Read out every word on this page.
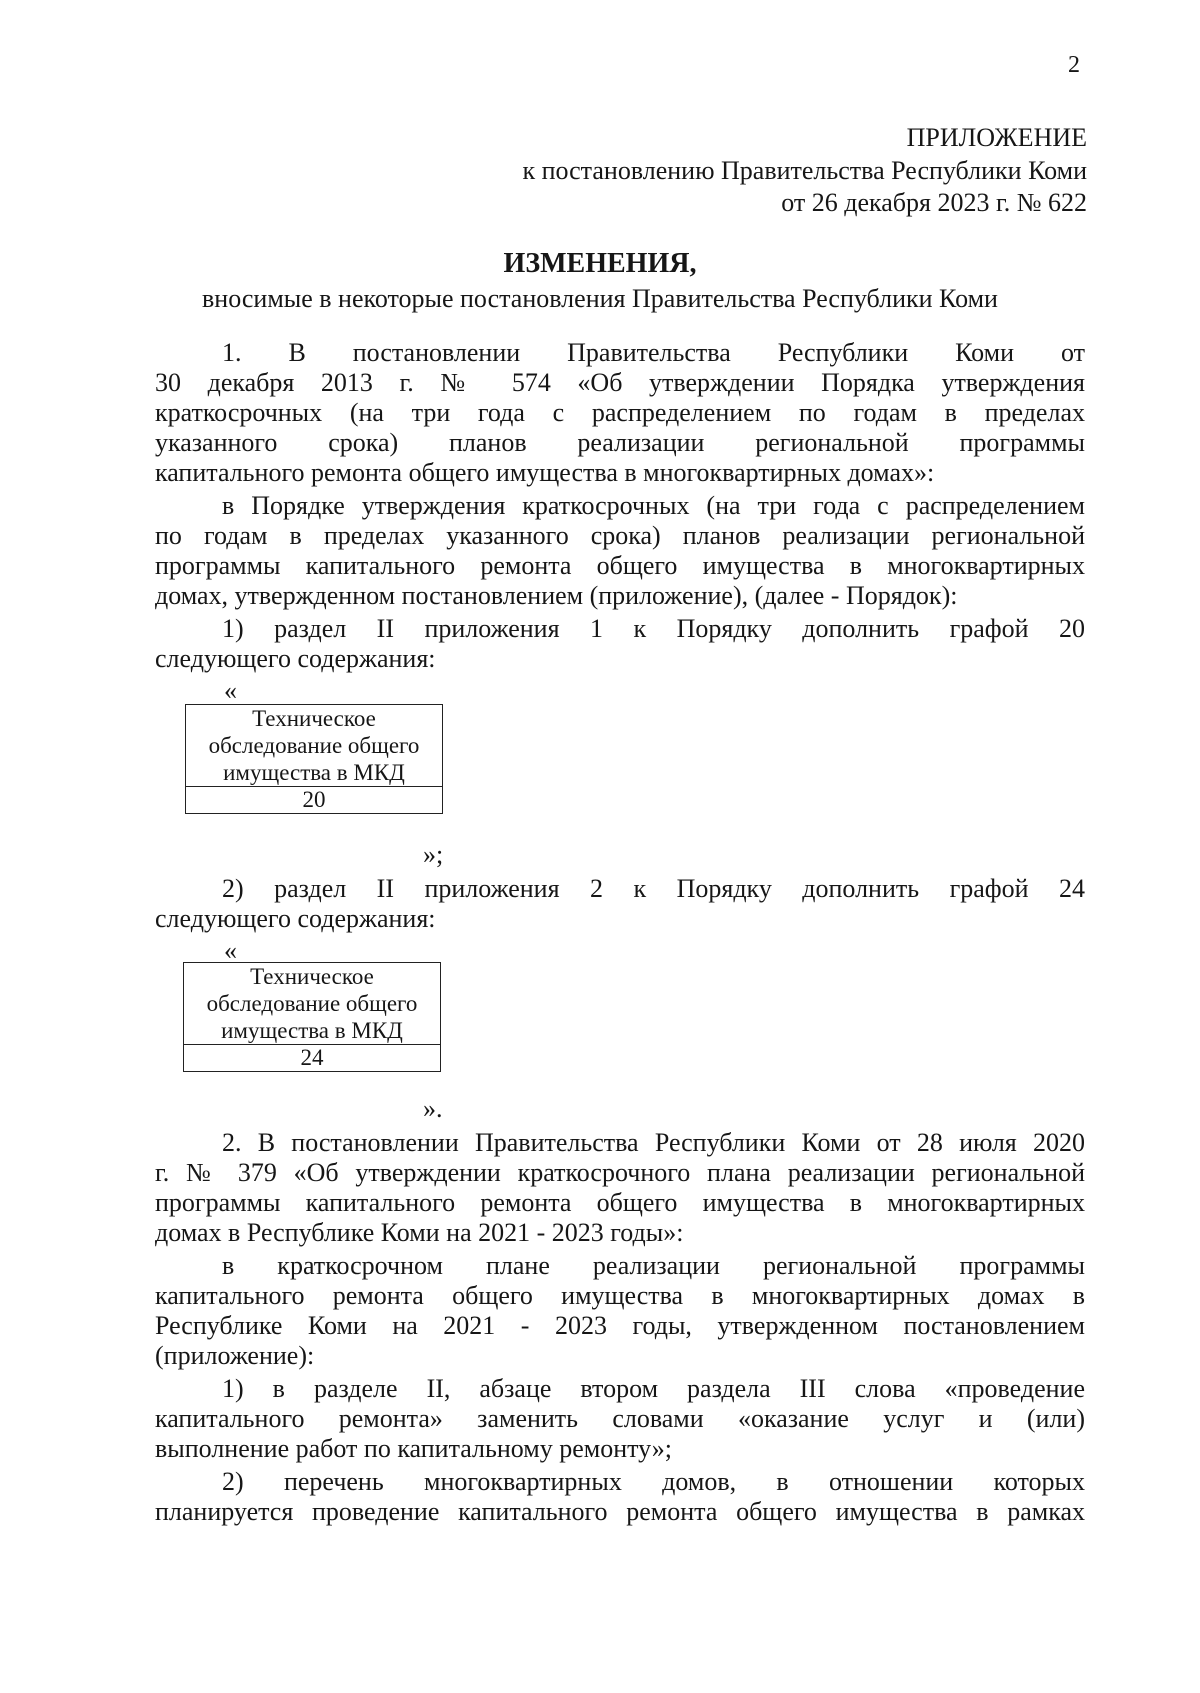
2
ПРИЛОЖЕНИЕ
к постановлению Правительства Республики Коми
от 26 декабря 2023 г. № 622
ИЗМЕНЕНИЯ,
вносимые в некоторые постановления Правительства Республики Коми
1. В постановлении Правительства Республики Коми от
30 декабря 2013 г. № 574 «Об утверждении Порядка утверждения
краткосрочных (на три года с распределением по годам в пределах
указанного срока) планов реализации региональной программы
капитального ремонта общего имущества в многоквартирных домах»:
в Порядке утверждения краткосрочных (на три года с распределением
по годам в пределах указанного срока) планов реализации региональной
программы капитального ремонта общего имущества в многоквартирных
домах, утвержденном постановлением (приложение), (далее - Порядок):
1) раздел II приложения 1 к Порядку дополнить графой 20
следующего содержания:
«
Техническое
обследование общего
имущества в МКД

20
»;
2) раздел II приложения 2 к Порядку дополнить графой 24
следующего содержания:
«
Техническое
обследование общего
имущества в МКД

24
».
2. В постановлении Правительства Республики Коми от 28 июля 2020
г. № 379 «Об утверждении краткосрочного плана реализации региональной
программы капитального ремонта общего имущества в многоквартирных
домах в Республике Коми на 2021 - 2023 годы»:
в краткосрочном плане реализации региональной программы
капитального ремонта общего имущества в многоквартирных домах в
Республике Коми на 2021 - 2023 годы, утвержденном постановлением
(приложение):
1) в разделе II, абзаце втором раздела III слова «проведение
капитального ремонта» заменить словами «оказание услуг и (или)
выполнение работ по капитальному ремонту»;
2) перечень многоквартирных домов, в отношении которых
планируется проведение капитального ремонта общего имущества в рамках
